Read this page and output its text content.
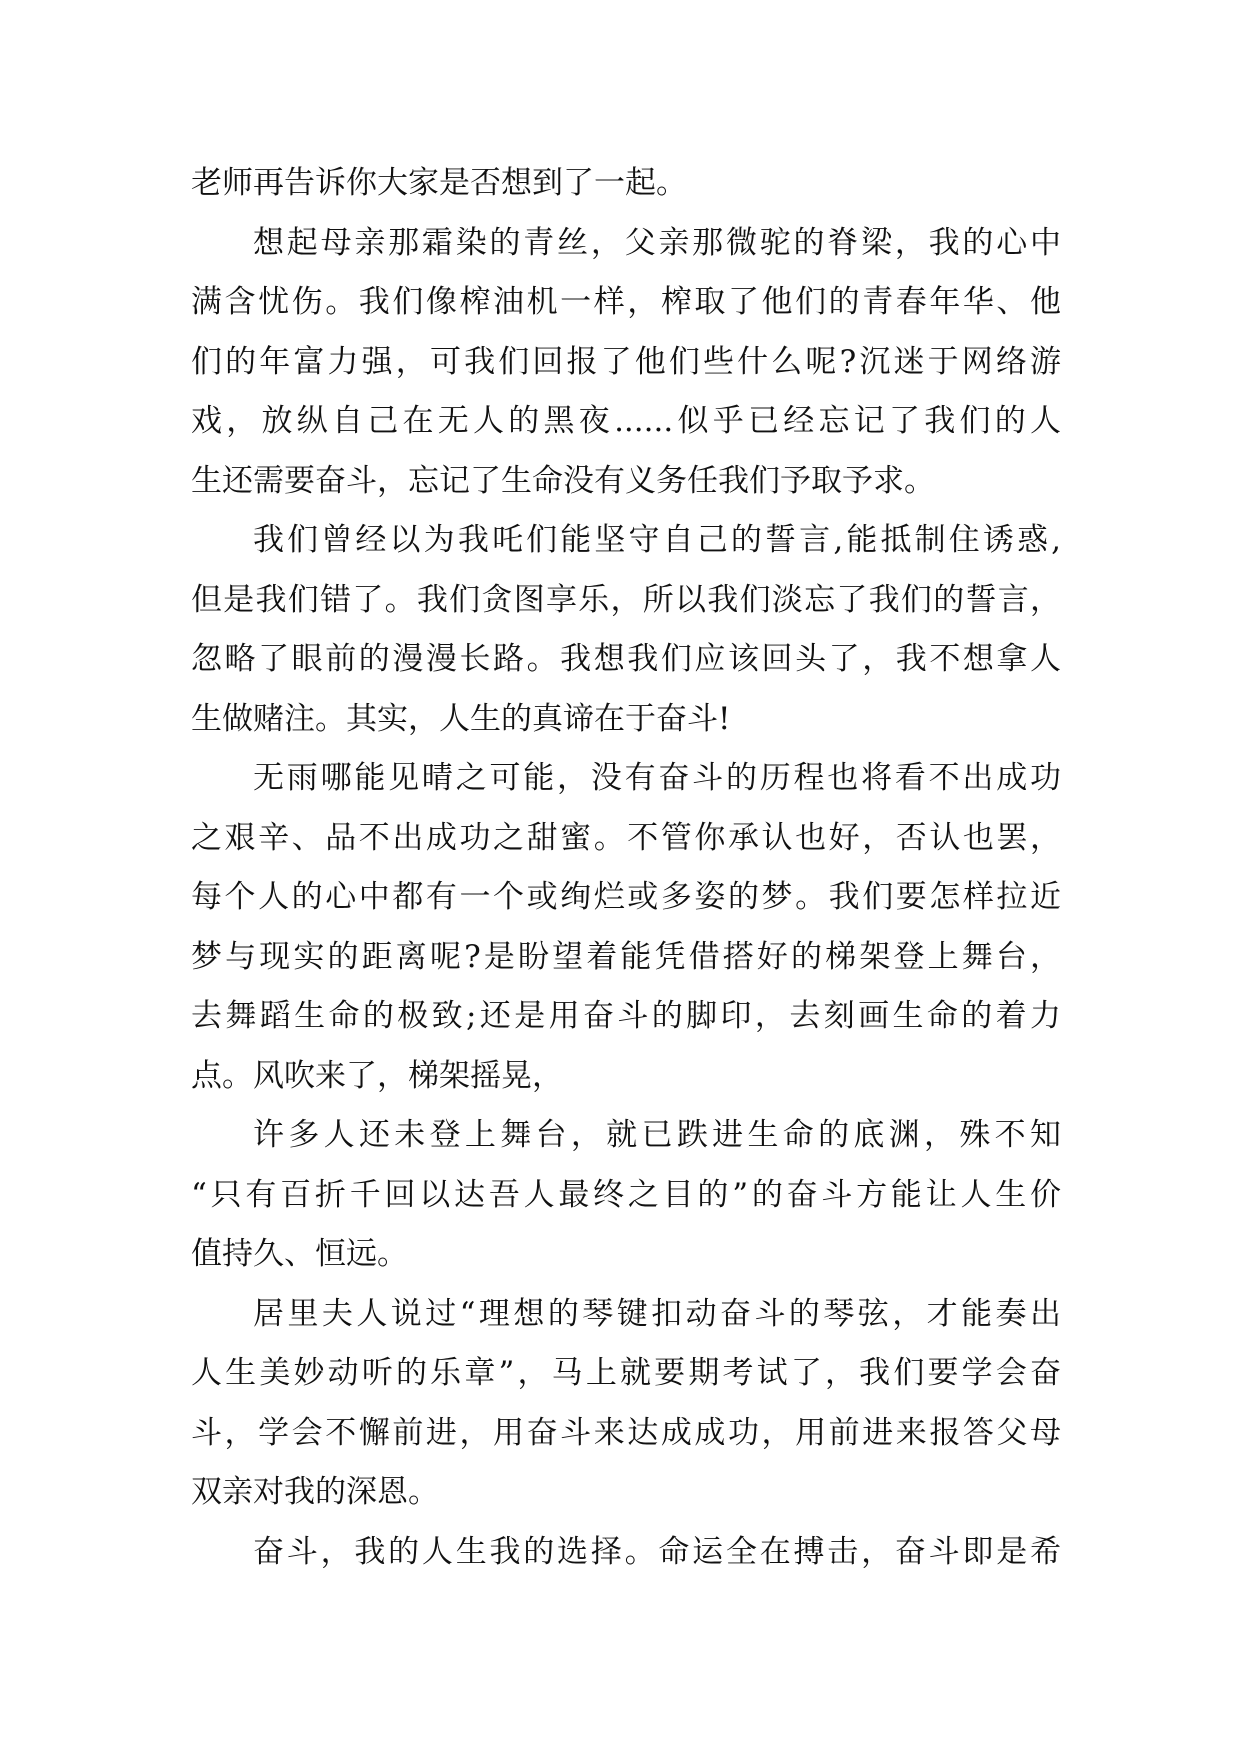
老师再告诉你大家是否想到了一起。
想起母亲那霜染的青丝，父亲那微驼的脊梁，我的心中
满含忧伤。我们像榨油机一样，榨取了他们的青春年华、他
们的年富力强，可我们回报了他们些什么呢?沉迷于网络游
戏，放纵自己在无人的黑夜......似乎已经忘记了我们的人
生还需要奋斗，忘记了生命没有义务任我们予取予求。
我们曾经以为我吒们能坚守自己的誓言,能抵制住诱惑,
但是我们错了。我们贪图享乐，所以我们淡忘了我们的誓言，
忽略了眼前的漫漫长路。我想我们应该回头了，我不想拿人
生做赌注。其实，人生的真谛在于奋斗!
无雨哪能见晴之可能，没有奋斗的历程也将看不出成功
之艰辛、品不出成功之甜蜜。不管你承认也好，否认也罢，
每个人的心中都有一个或绚烂或多姿的梦。我们要怎样拉近
梦与现实的距离呢?是盼望着能凭借搭好的梯架登上舞台，
去舞蹈生命的极致;还是用奋斗的脚印，去刻画生命的着力
点。风吹来了，梯架摇晃，
许多人还未登上舞台，就已跌进生命的底渊，殊不知
“只有百折千回以达吾人最终之目的”的奋斗方能让人生价
值持久、恒远。
居里夫人说过“理想的琴键扣动奋斗的琴弦，才能奏出
人生美妙动听的乐章”，马上就要期考试了，我们要学会奋
斗，学会不懈前进，用奋斗来达成成功，用前进来报答父母
双亲对我的深恩。
奋斗，我的人生我的选择。命运全在搏击，奋斗即是希
